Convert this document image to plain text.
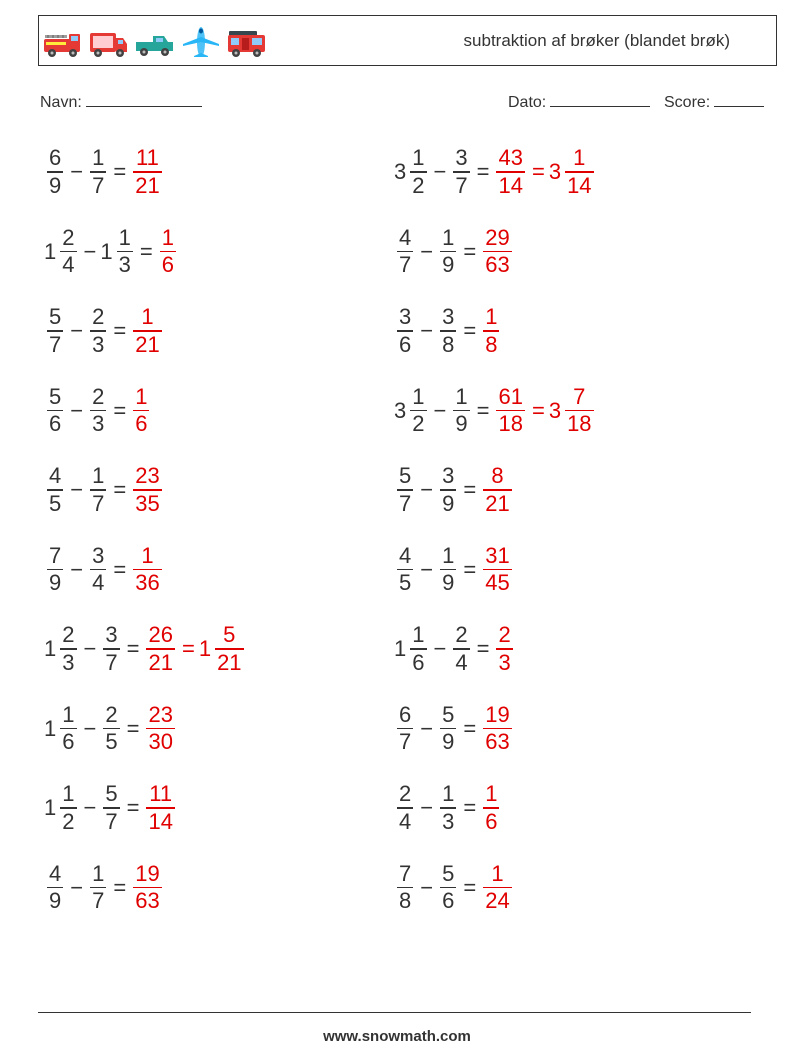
subtraktion af brøker (blandet brøk)
Navn:	Dato:	Score:
$\frac{6}{9} - \frac{1}{7} = \frac{11}{21}$	$3 \frac{1}{2} - \frac{3}{7} = \frac{43}{14} = 3 \frac{1}{14}$
$1 \frac{2}{4} - 1 \frac{1}{3} = \frac{1}{6}$	$\frac{4}{7} - \frac{1}{9} = \frac{29}{63}$
$\frac{5}{7} - \frac{2}{3} = \frac{1}{21}$	$\frac{3}{6} - \frac{3}{8} = \frac{1}{8}$
$\frac{5}{6} - \frac{2}{3} = \frac{1}{6}$	$3 \frac{1}{2} - \frac{1}{9} = \frac{61}{18} = 3 \frac{7}{18}$
$\frac{4}{5} - \frac{1}{7} = \frac{23}{35}$	$\frac{5}{7} - \frac{3}{9} = \frac{8}{21}$
$\frac{7}{9} - \frac{3}{4} = \frac{1}{36}$	$\frac{4}{5} - \frac{1}{9} = \frac{31}{45}$
$1 \frac{2}{3} - \frac{3}{7} = \frac{26}{21} = 1 \frac{5}{21}$	$1 \frac{1}{6} - \frac{2}{4} = \frac{2}{3}$
$1 \frac{1}{6} - \frac{2}{5} = \frac{23}{30}$	$\frac{6}{7} - \frac{5}{9} = \frac{19}{63}$
$1 \frac{1}{2} - \frac{5}{7} = \frac{11}{14}$	$\frac{2}{4} - \frac{1}{3} = \frac{1}{6}$
$\frac{4}{9} - \frac{1}{7} = \frac{19}{63}$	$\frac{7}{8} - \frac{5}{6} = \frac{1}{24}$
www.snowmath.com
